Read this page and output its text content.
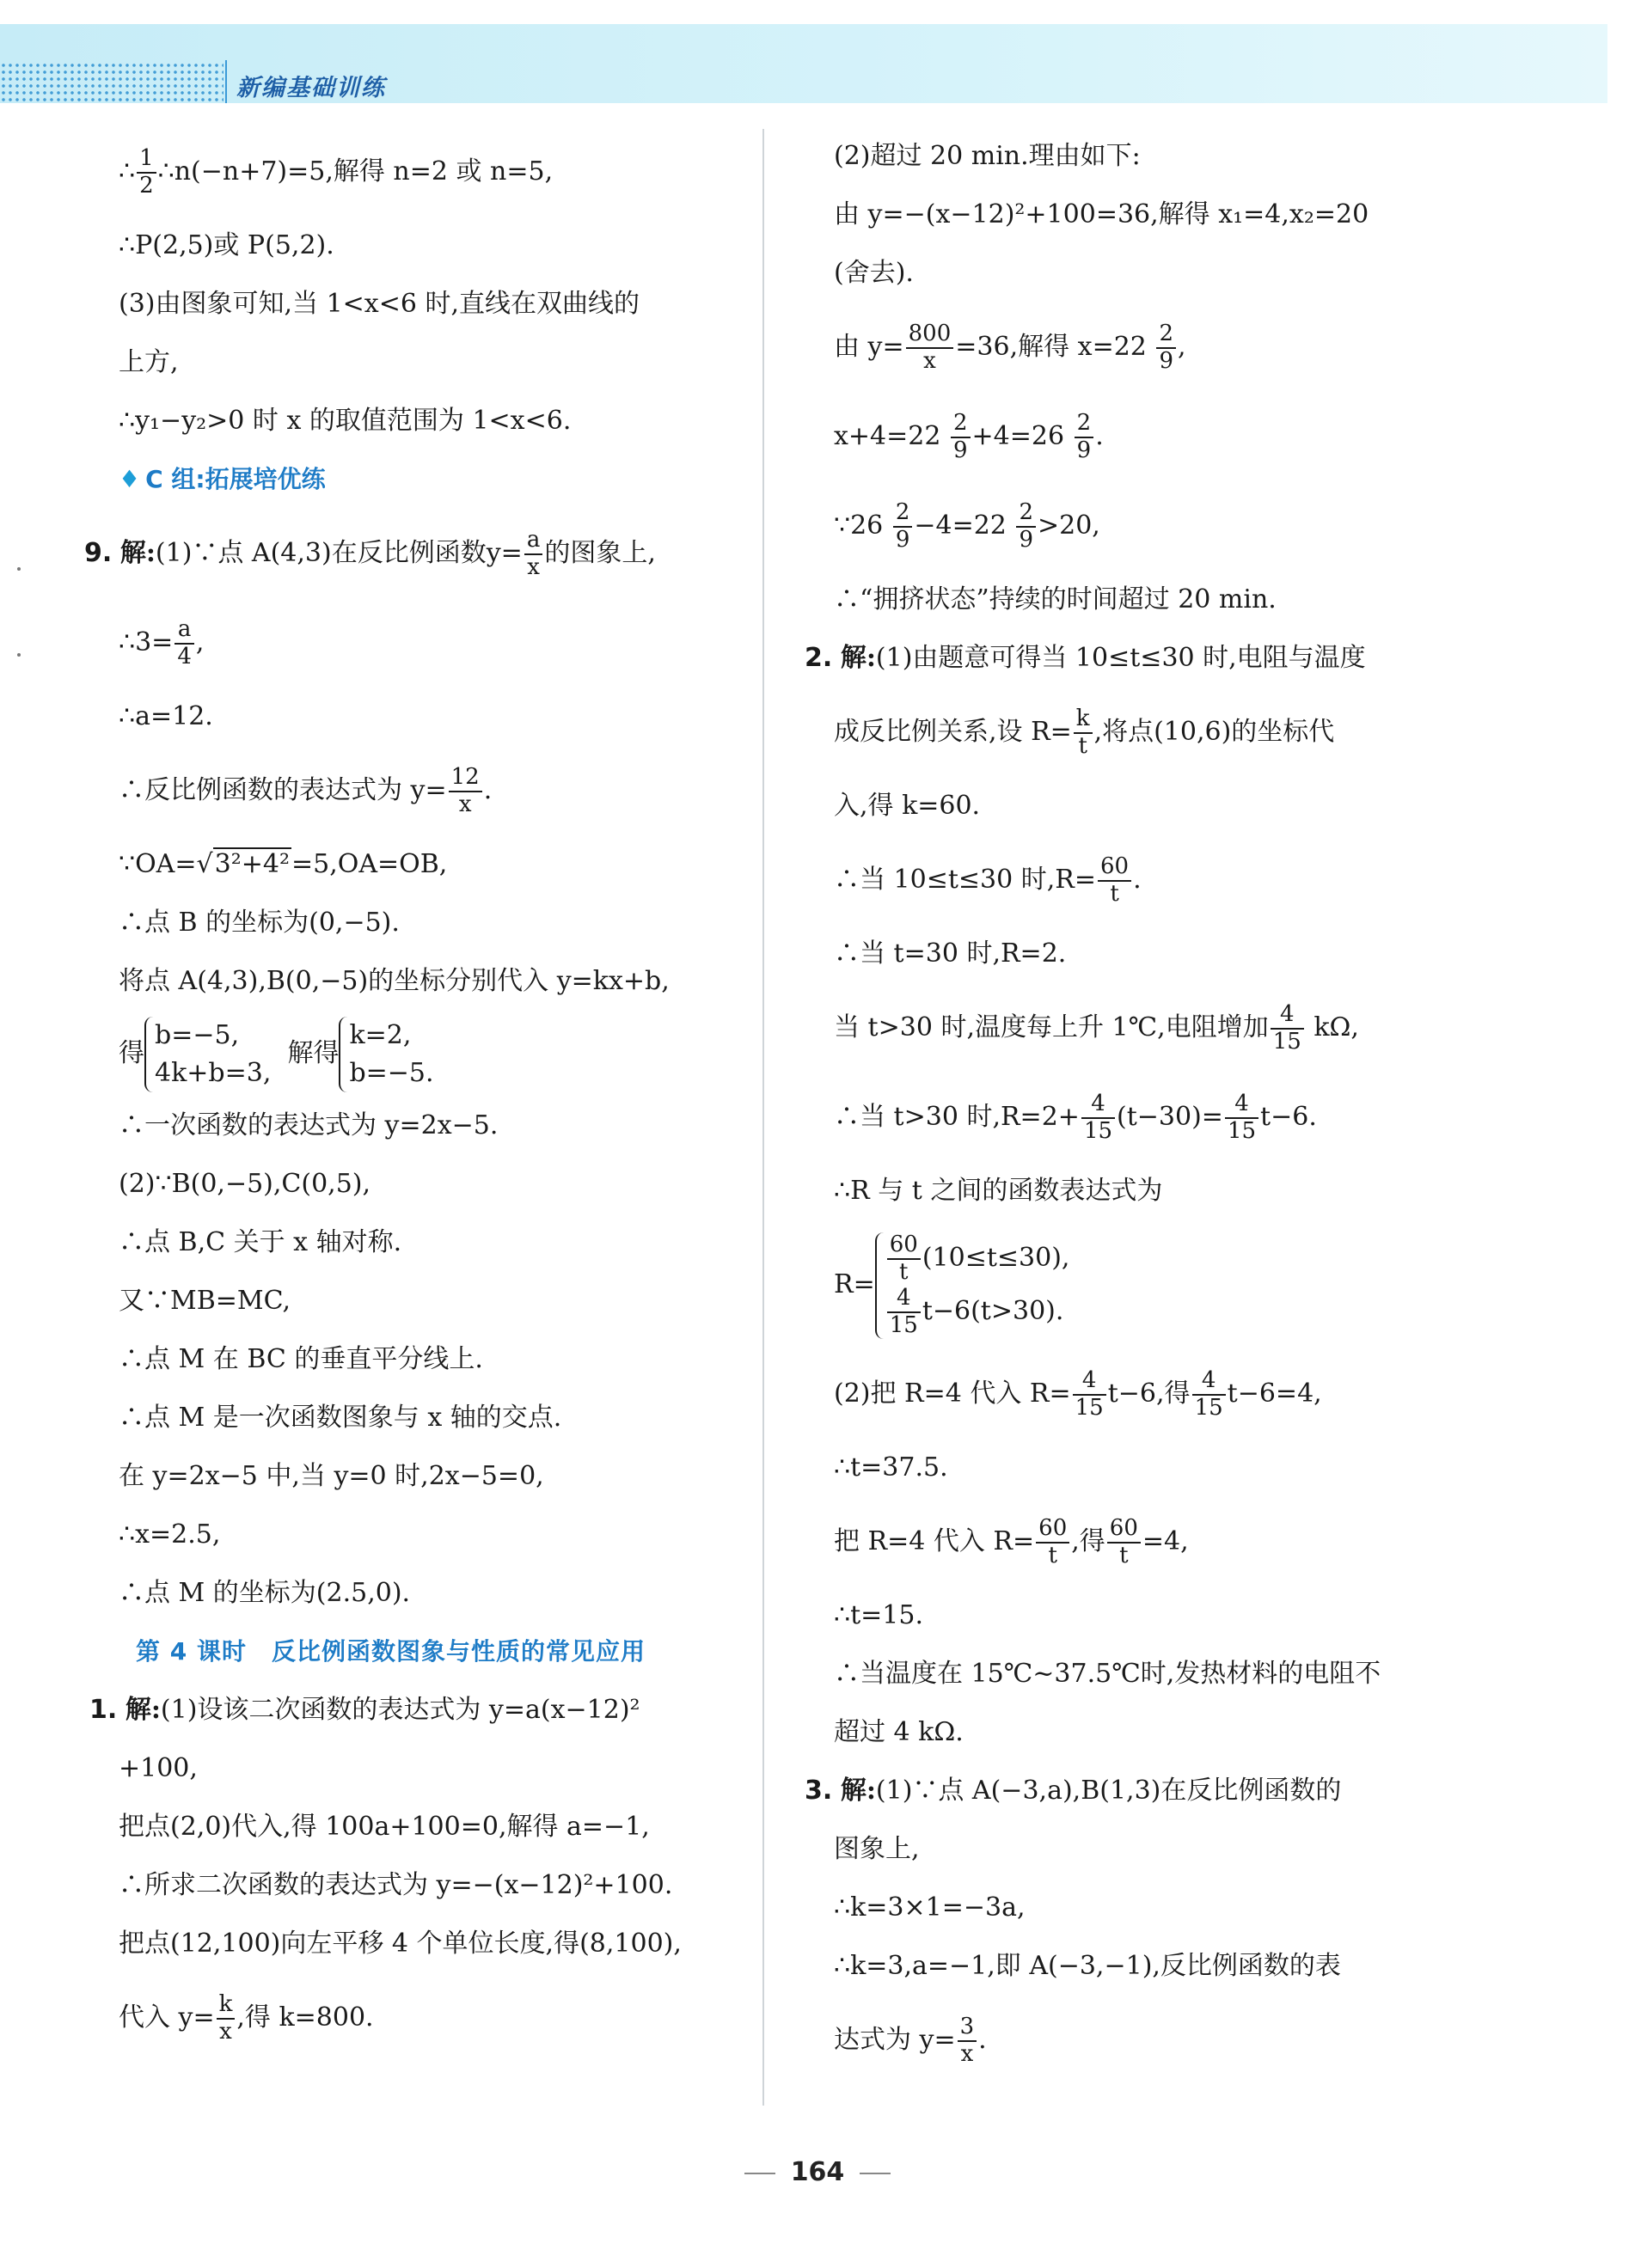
新编基础训练
∴ $\frac{1}{2}$ ∴n(−n+7)=5,解得 n=2 或 n=5,
∴P(2,5)或 P(5,2).
(3)由图象可知,当 1<x<6 时,直线在双曲线的
上方,
∴y₁−y₂>0 时 x 的取值范围为 1<x<6.
♦ C 组:拓展培优练
9. 解:(1)∵点 A(4,3)在反比例函数$y= \frac{a}{x}$ 的图象上,
∴3= $\frac{a}{4}$ ,
∴a=12.
∴反比例函数的表达式为 $y= \frac{12}{x}$ .
∵OA=√3²+4²=5,OA=OB,
∴点 B 的坐标为(0,−5).
将点 A(4,3),B(0,−5)的坐标分别代入 y=kx+b,
得
b=−5,
4k+b=3,
解得
k=2,
b=−5.
∴一次函数的表达式为 y=2x−5.
(2)∵B(0,−5),C(0,5),
∴点 B,C 关于 x 轴对称.
又∵MB=MC,
∴点 M 在 BC 的垂直平分线上.
∴点 M 是一次函数图象与 x 轴的交点.
在 y=2x−5 中,当 y=0 时,2x−5=0,
∴x=2.5,
∴点 M 的坐标为(2.5,0).
第 4 课时　反比例函数图象与性质的常见应用
1. 解:(1)设该二次函数的表达式为 y=a(x−12)²
+100,
把点(2,0)代入,得 100a+100=0,解得 a=−1,
∴所求二次函数的表达式为 y=−(x−12)²+100.
把点(12,100)向左平移 4 个单位长度,得(8,100),
代入 $y= \frac{k}{x}$ ,得 k=800.
(2)超过 20 min.理由如下:
由 y=−(x−12)²+100=36,解得 x₁=4,x₂=20
(舍去).
由 $y= \frac{800}{x} =36$,解得 $x=22 \frac{2}{9}$ ,
$x+4=22 \frac{2}{9} +4=26 \frac{2}{9}$ .
∵26 $\frac{2}{9} -4=22 \frac{2}{9} >20$,
∴“拥挤状态”持续的时间超过 20 min.
2. 解:(1)由题意可得当 10≤t≤30 时,电阻与温度
成反比例关系,设 $R= \frac{k}{t}$ ,将点(10,6)的坐标代
入,得 k=60.
∴当 10≤t≤30 时$,R= \frac{60}{t}$ .
∴当 t=30 时,R=2.
当 t>30 时,温度每上升 1℃,电阻增加 $\frac{4}{15} k\Omega$,
∴当 t>30 时$,R=2+ \frac{4}{15} (t-30)= \frac{4}{15} t-6$.
∴R 与 t 之间的函数表达式为
$R= \frac{60}{t} (10\le t\le 30)$,
$\frac{4}{15} t-6(t>30)$.
(2)把 R=4 代入 $R= \frac{4}{15} t-6$,得 $\frac{4}{15} t-6=4$,
∴t=37.5.
把 R=4 代入 $R= \frac{60}{t}$ ,得 $\frac{60}{t} =4$,
∴t=15.
∴当温度在 15℃~37.5℃时,发热材料的电阻不
超过 4 kΩ.
3. 解:(1)∵点 A(−3,a),B(1,3)在反比例函数的
图象上,
∴k=3×1=−3a,
∴k=3,a=−1,即 A(−3,−1),反比例函数的表
达式为 $y= \frac{3}{x}$ .
164
